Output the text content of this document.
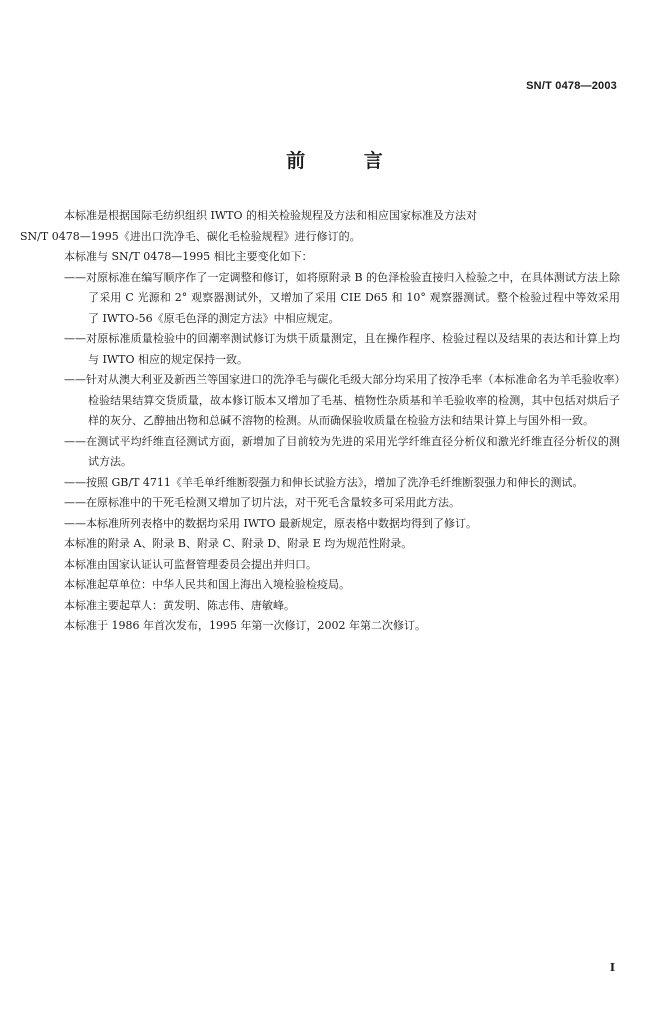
SN/T 0478—2003
前 言

本标准是根据国际毛纺织组织 IWTO 的相关检验规程及方法和相应国家标准及方法对
SN/T 0478—1995《进出口洗净毛、碳化毛检验规程》进行修订的。

本标准与 SN/T 0478—1995 相比主要变化如下：

——对原标准在编写顺序作了一定调整和修订，如将原附录 B 的色泽检验直接归入检验之中，在具体测试方法上除了采用 C 光源和 2° 观察器测试外，又增加了采用 CIE D65 和 10° 观察器测试。整个检验过程中等效采用了 IWTO-56《原毛色泽的测定方法》中相应规定。

——对原标准质量检验中的回潮率测试修订为烘干质量测定，且在操作程序、检验过程以及结果的表达和计算上均与 IWTO 相应的规定保持一致。

——针对从澳大利亚及新西兰等国家进口的洗净毛与碳化毛级大部分均采用了按净毛率（本标准命名为羊毛验收率）检验结果结算交货质量，故本修订版本又增加了毛基、植物性杂质基和羊毛验收率的检测，其中包括对烘后子样的灰分、乙醇抽出物和总碱不溶物的检测。从而确保验收质量在检验方法和结果计算上与国外相一致。

——在测试平均纤维直径测试方面，新增加了目前较为先进的采用光学纤维直径分析仪和激光纤维直径分析仪的测试方法。

——按照 GB/T 4711《羊毛单纤维断裂强力和伸长试验方法》，增加了洗净毛纤维断裂强力和伸长的测试。

——在原标准中的干死毛检测又增加了切片法，对干死毛含量较多可采用此方法。

——本标准所列表格中的数据均采用 IWTO 最新规定，原表格中数据均得到了修订。

本标准的附录 A、附录 B、附录 C、附录 D、附录 E 均为规范性附录。

本标准由国家认证认可监督管理委员会提出并归口。

本标准起草单位：中华人民共和国上海出入境检验检疫局。

本标准主要起草人：黄发明、陈志伟、唐敏峰。

本标准于 1986 年首次发布，1995 年第一次修订，2002 年第二次修订。

I
